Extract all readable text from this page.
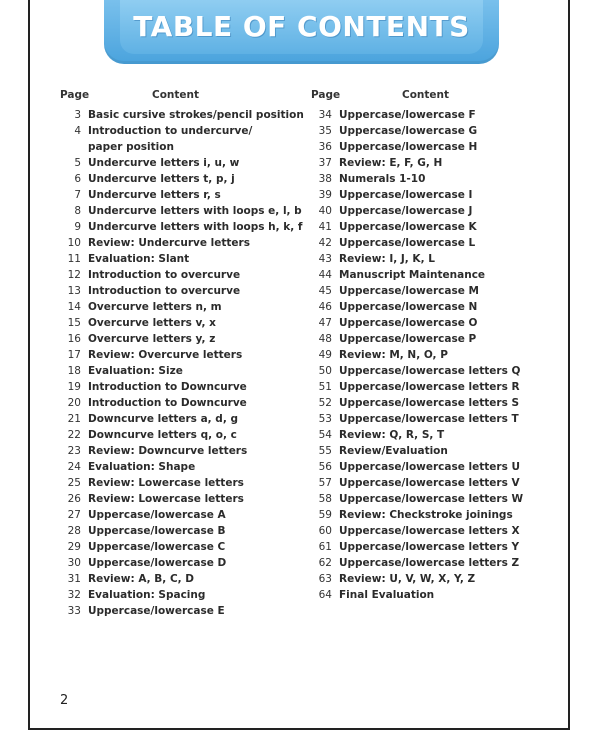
TABLE OF CONTENTS
Page	Content
3 Basic cursive strokes/pencil position
4 Introduction to undercurve/
paper position
5 Undercurve letters i, u, w
6 Undercurve letters t, p, j
7 Undercurve letters r, s
8 Undercurve letters with loops e, l, b
9 Undercurve letters with loops h, k, f
10 Review: Undercurve letters
11 Evaluation: Slant
12 Introduction to overcurve
13 Introduction to overcurve
14 Overcurve letters n, m
15 Overcurve letters v, x
16 Overcurve letters y, z
17 Review: Overcurve letters
18 Evaluation: Size
19 Introduction to Downcurve
20 Introduction to Downcurve
21 Downcurve letters a, d, g
22 Downcurve letters q, o, c
23 Review: Downcurve letters
24 Evaluation: Shape
25 Review: Lowercase letters
26 Review: Lowercase letters
27 Uppercase/lowercase A
28 Uppercase/lowercase B
29 Uppercase/lowercase C
30 Uppercase/lowercase D
31 Review: A, B, C, D
32 Evaluation: Spacing
33 Uppercase/lowercase E
Page	Content
34 Uppercase/lowercase F
35 Uppercase/lowercase G
36 Uppercase/lowercase H
37 Review: E, F, G, H
38 Numerals 1-10
39 Uppercase/lowercase I
40 Uppercase/lowercase J
41 Uppercase/lowercase K
42 Uppercase/lowercase L
43 Review: I, J, K, L
44 Manuscript Maintenance
45 Uppercase/lowercase M
46 Uppercase/lowercase N
47 Uppercase/lowercase O
48 Uppercase/lowercase P
49 Review: M, N, O, P
50 Uppercase/lowercase letters Q
51 Uppercase/lowercase letters R
52 Uppercase/lowercase letters S
53 Uppercase/lowercase letters T
54 Review: Q, R, S, T
55 Review/Evaluation
56 Uppercase/lowercase letters U
57 Uppercase/lowercase letters V
58 Uppercase/lowercase letters W
59 Review: Checkstroke joinings
60 Uppercase/lowercase letters X
61 Uppercase/lowercase letters Y
62 Uppercase/lowercase letters Z
63 Review: U, V, W, X, Y, Z
64 Final Evaluation
2
